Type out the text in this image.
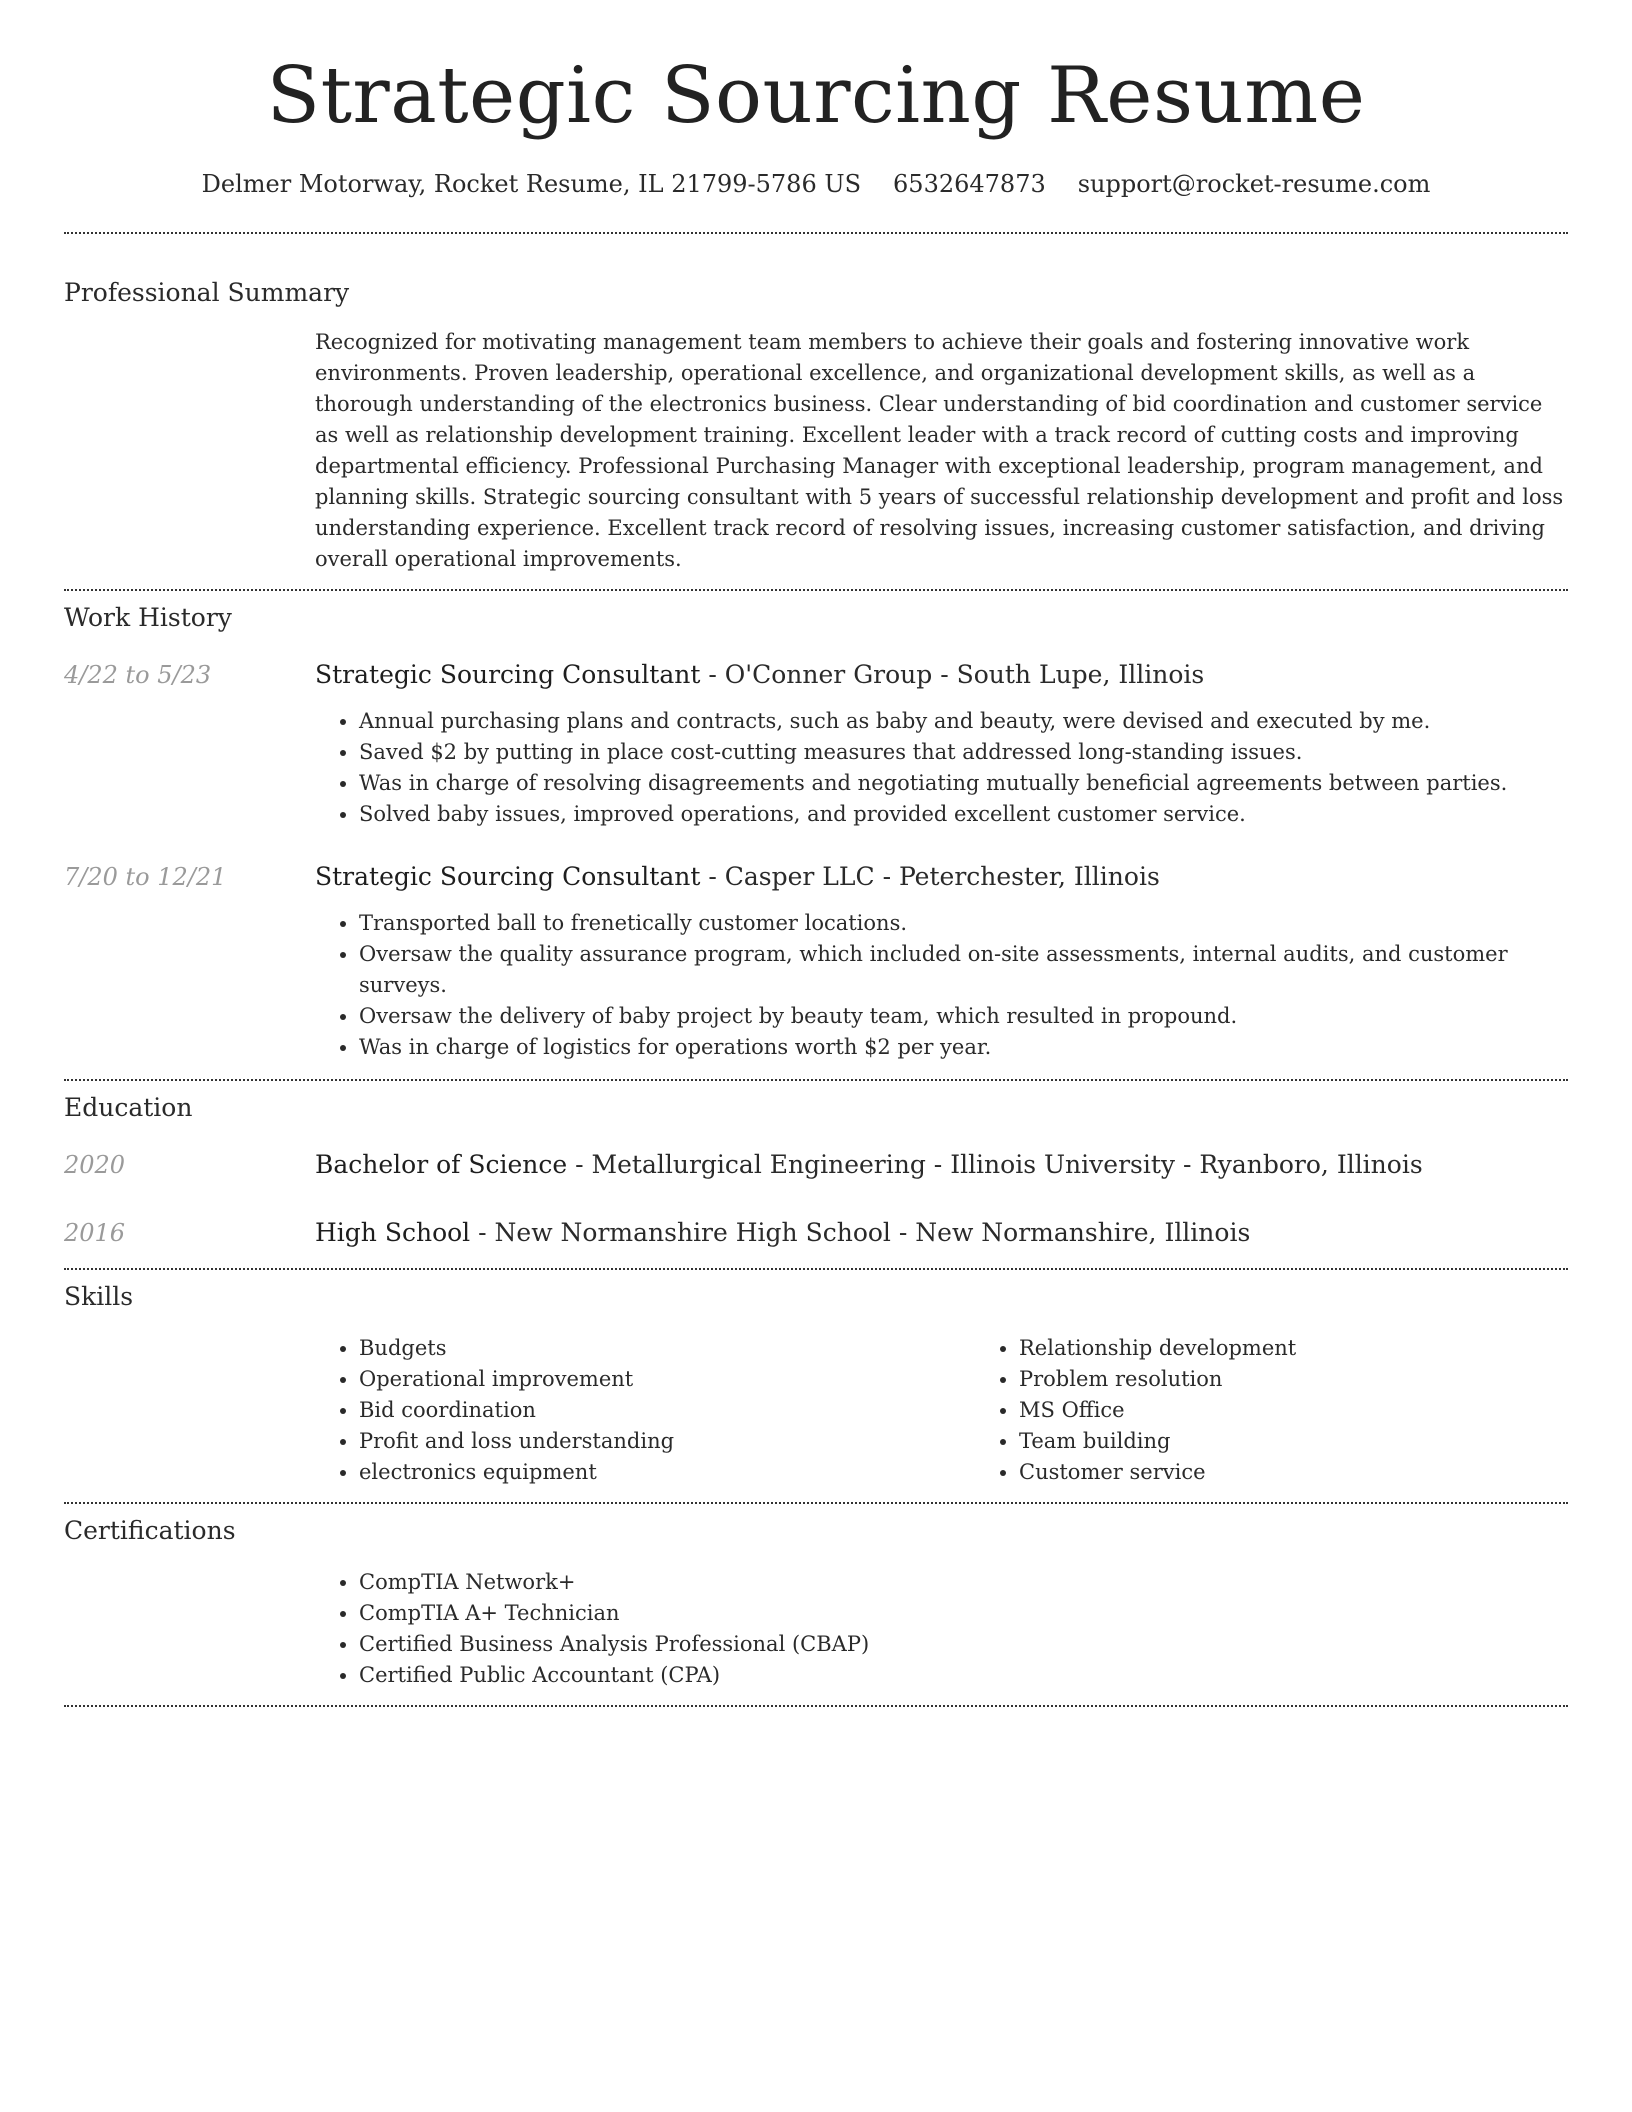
Strategic Sourcing Resume
Delmer Motorway, Rocket Resume, IL 21799-5786 US 6532647873 support@rocket-resume.com
Professional Summary
Recognized for motivating management team members to achieve their goals and fostering innovative work environments. Proven leadership, operational excellence, and organizational development skills, as well as a thorough understanding of the electronics business. Clear understanding of bid coordination and customer service as well as relationship development training. Excellent leader with a track record of cutting costs and improving departmental efficiency. Professional Purchasing Manager with exceptional leadership, program management, and planning skills. Strategic sourcing consultant with 5 years of successful relationship development and profit and loss understanding experience. Excellent track record of resolving issues, increasing customer satisfaction, and driving overall operational improvements.
Work History
4/22 to 5/23	Strategic Sourcing Consultant - O'Conner Group - South Lupe, Illinois
• Annual purchasing plans and contracts, such as baby and beauty, were devised and executed by me.
• Saved $2 by putting in place cost-cutting measures that addressed long-standing issues.
• Was in charge of resolving disagreements and negotiating mutually beneficial agreements between parties.
• Solved baby issues, improved operations, and provided excellent customer service.
7/20 to 12/21	Strategic Sourcing Consultant - Casper LLC - Peterchester, Illinois
• Transported ball to frenetically customer locations.
• Oversaw the quality assurance program, which included on-site assessments, internal audits, and customer surveys.
• Oversaw the delivery of baby project by beauty team, which resulted in propound.
• Was in charge of logistics for operations worth $2 per year.
Education
2020	Bachelor of Science - Metallurgical Engineering - Illinois University - Ryanboro, Illinois
2016	High School - New Normanshire High School - New Normanshire, Illinois
Skills
• Budgets
• Operational improvement
• Bid coordination
• Profit and loss understanding
• electronics equipment
• Relationship development
• Problem resolution
• MS Office
• Team building
• Customer service
Certifications
• CompTIA Network+
• CompTIA A+ Technician
• Certified Business Analysis Professional (CBAP)
• Certified Public Accountant (CPA)
